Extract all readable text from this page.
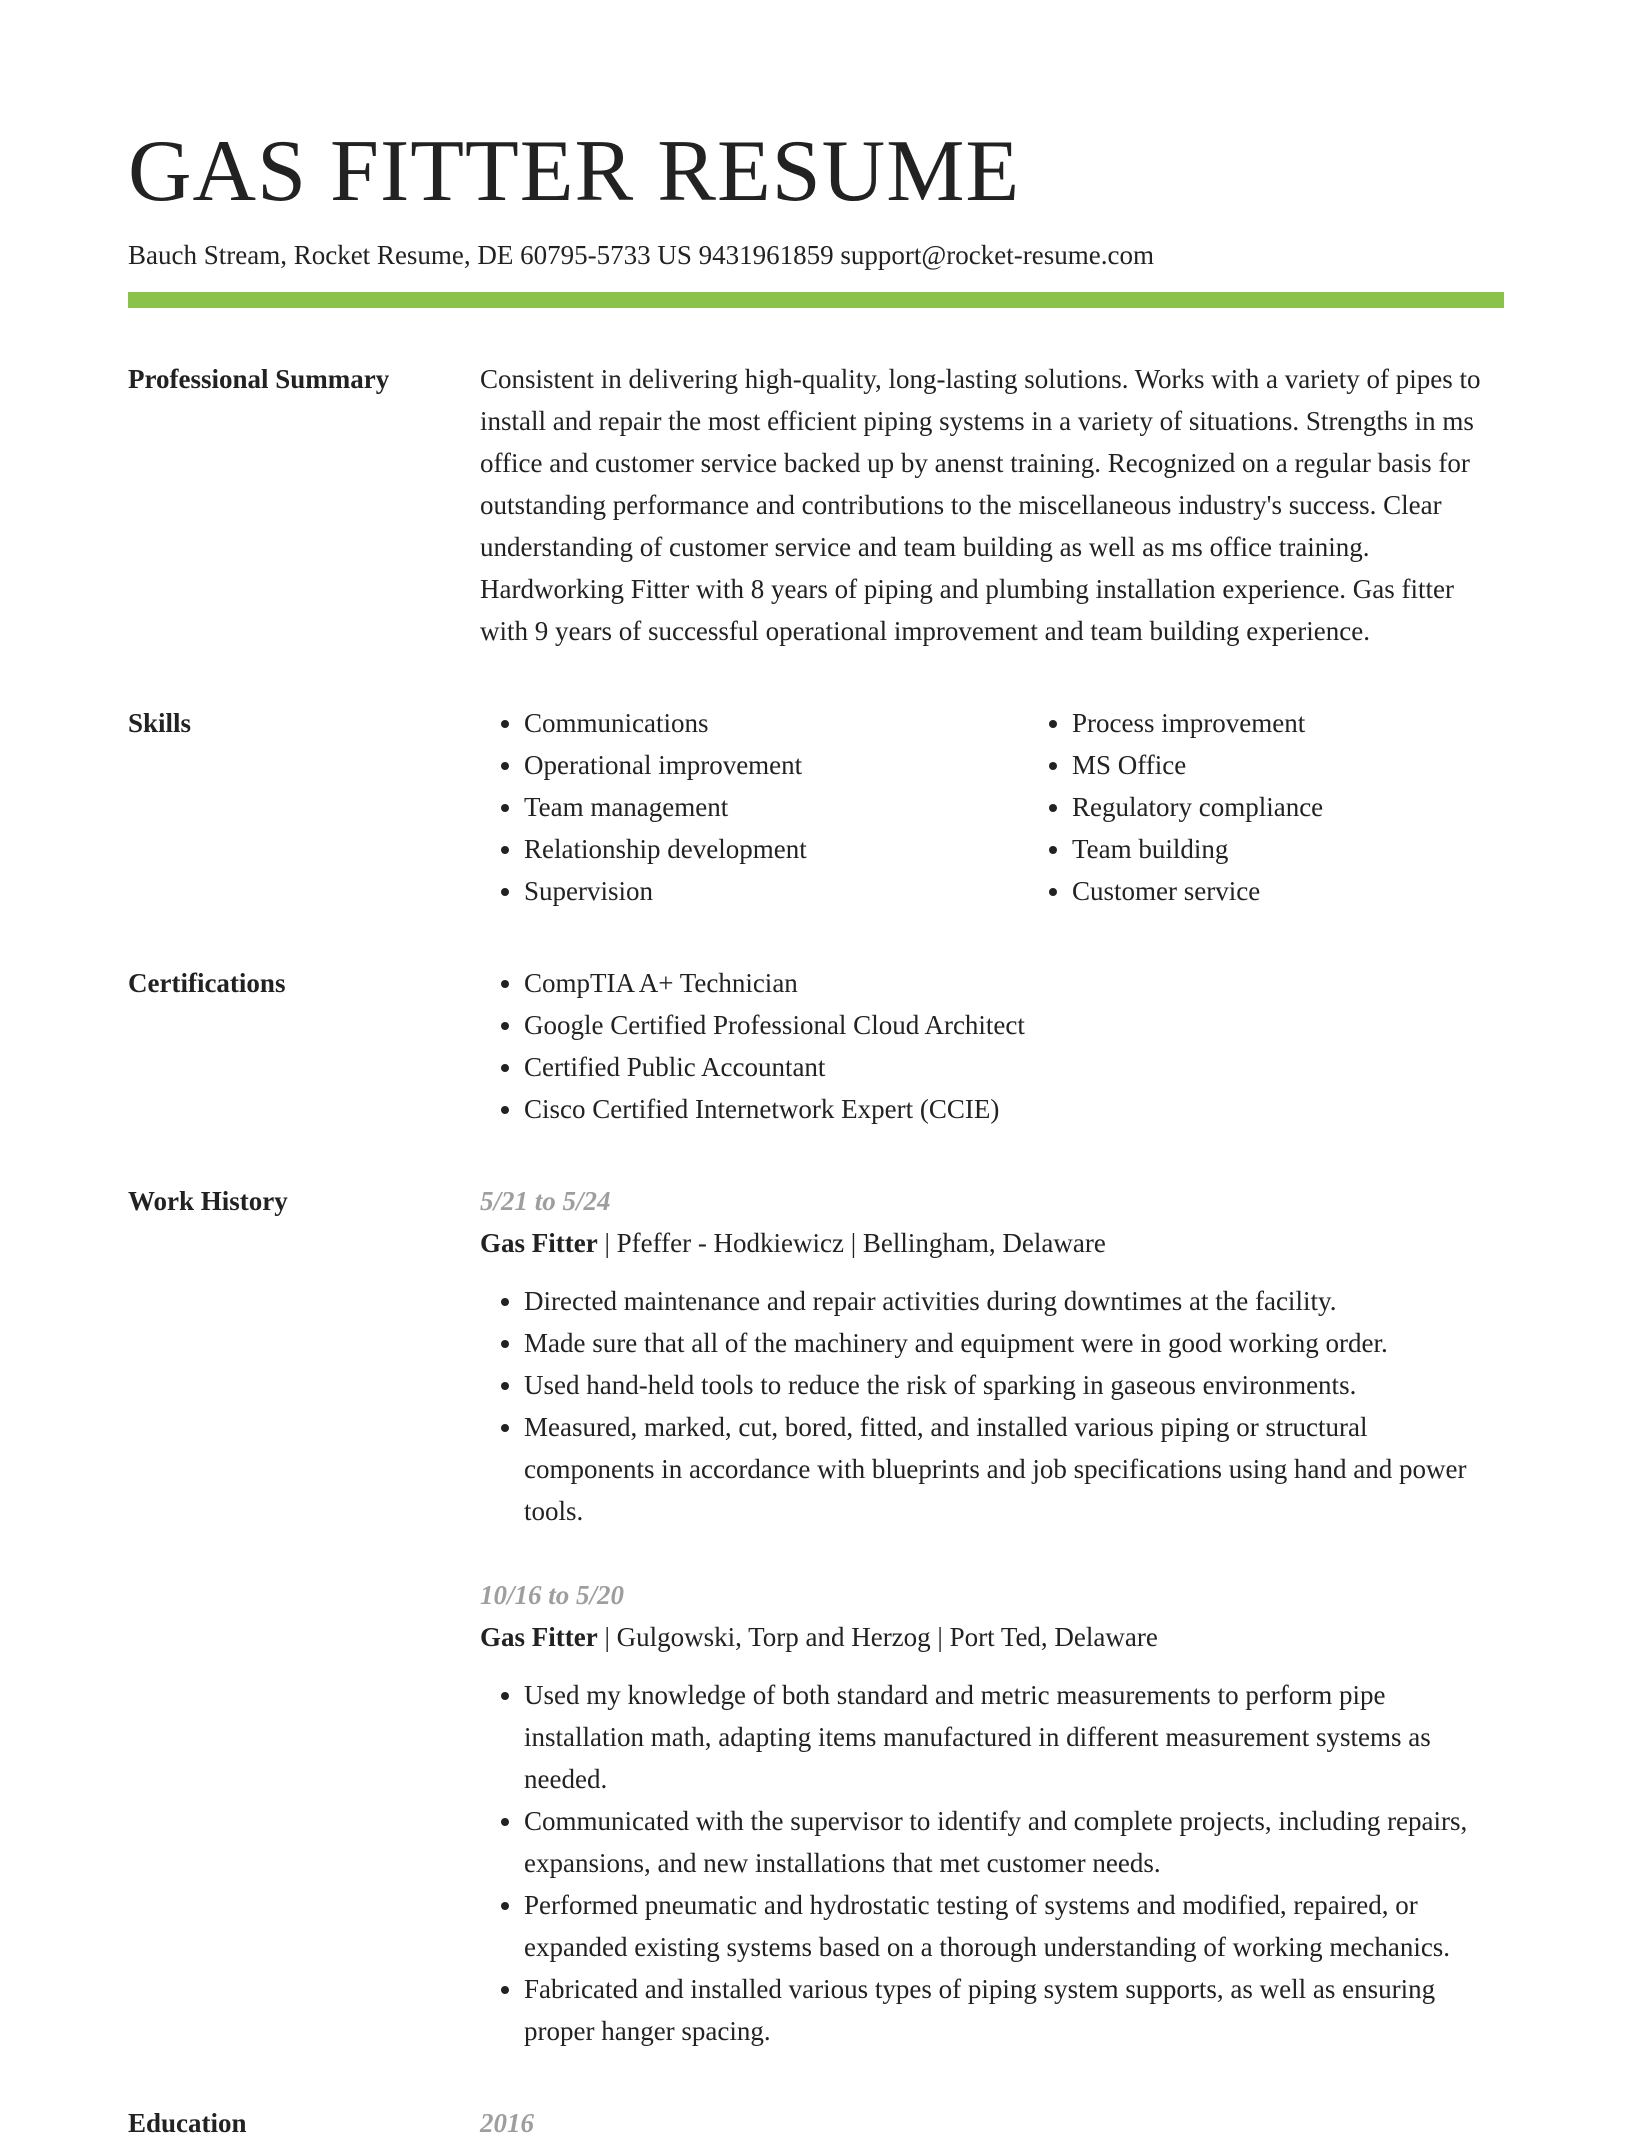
GAS FITTER RESUME
Bauch Stream, Rocket Resume, DE 60795-5733 US 9431961859 support@rocket-resume.com
Professional Summary	Consistent in delivering high-quality, long-lasting solutions. Works with a variety of pipes to install and repair the most efficient piping systems in a variety of situations. Strengths in ms office and customer service backed up by anenst training. Recognized on a regular basis for outstanding performance and contributions to the miscellaneous industry's success. Clear understanding of customer service and team building as well as ms office training. Hardworking Fitter with 8 years of piping and plumbing installation experience. Gas fitter with 9 years of successful operational improvement and team building experience.

Skills	• Communications
• Operational improvement
• Team management
• Relationship development
• Supervision
• Process improvement
• MS Office
• Regulatory compliance
• Team building
• Customer service
Certifications	• CompTIA A+ Technician
• Google Certified Professional Cloud Architect
• Certified Public Accountant
• Cisco Certified Internetwork Expert (CCIE)
Work History	5/21 to 5/24
Gas Fitter | Pfeffer - Hodkiewicz | Bellingham, Delaware
• Directed maintenance and repair activities during downtimes at the facility.
• Made sure that all of the machinery and equipment were in good working order.
• Used hand-held tools to reduce the risk of sparking in gaseous environments.
• Measured, marked, cut, bored, fitted, and installed various piping or structural components in accordance with blueprints and job specifications using hand and power tools.
10/16 to 5/20
Gas Fitter | Gulgowski, Torp and Herzog | Port Ted, Delaware
• Used my knowledge of both standard and metric measurements to perform pipe installation math, adapting items manufactured in different measurement systems as needed.
• Communicated with the supervisor to identify and complete projects, including repairs, expansions, and new installations that met customer needs.
• Performed pneumatic and hydrostatic testing of systems and modified, repaired, or expanded existing systems based on a thorough understanding of working mechanics.
• Fabricated and installed various types of piping system supports, as well as ensuring proper hanger spacing.
Education	2016
